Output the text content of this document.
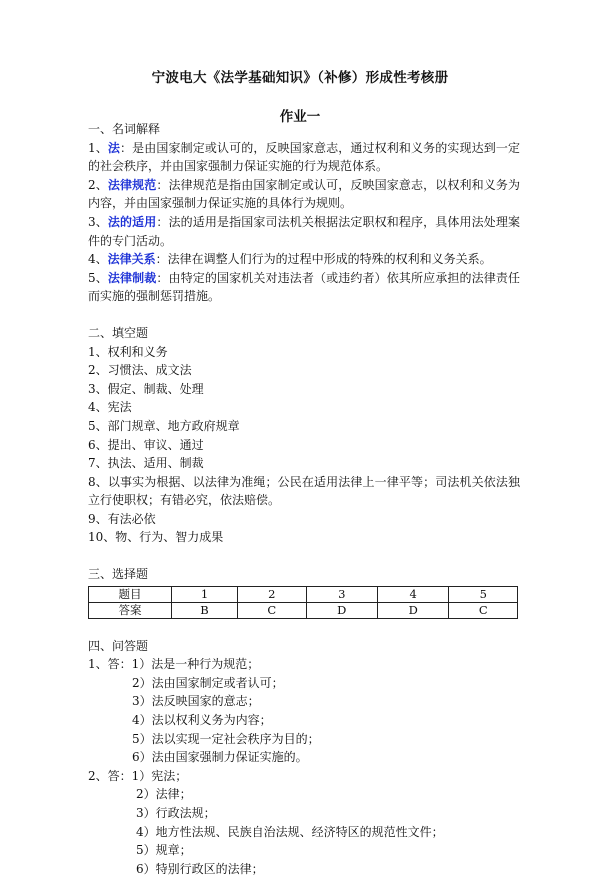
宁波电大《法学基础知识》（补修）形成性考核册
作业一
一、名词解释
1、法：是由国家制定或认可的，反映国家意志，通过权利和义务的实现达到一定的社会秩序，并由国家强制力保证实施的行为规范体系。
2、法律规范：法律规范是指由国家制定或认可，反映国家意志，以权利和义务为内容，并由国家强制力保证实施的具体行为规则。
3、法的适用：法的适用是指国家司法机关根据法定职权和程序，具体用法处理案件的专门活动。
4、法律关系：法律在调整人们行为的过程中形成的特殊的权利和义务关系。
5、法律制裁：由特定的国家机关对违法者（或违约者）依其所应承担的法律责任而实施的强制惩罚措施。
二、填空题
1、权利和义务
2、习惯法、成文法
3、假定、制裁、处理
4、宪法
5、部门规章、地方政府规章
6、提出、审议、通过
7、执法、适用、制裁
8、以事实为根据、以法律为准绳；公民在适用法律上一律平等；司法机关依法独立行使职权；有错必究，依法赔偿。
9、有法必依
10、物、行为、智力成果
三、选择题
题目	1	2	3	4	5
答案	B	C	D	D	C
四、问答题
1、答：1）法是一种行为规范；
2）法由国家制定或者认可；
3）法反映国家的意志；
4）法以权利义务为内容；
5）法以实现一定社会秩序为目的；
6）法由国家强制力保证实施的。
2、答：1）宪法；
2）法律；
3）行政法规；
4）地方性法规、民族自治法规、经济特区的规范性文件；
5）规章；
6）特别行政区的法律；
